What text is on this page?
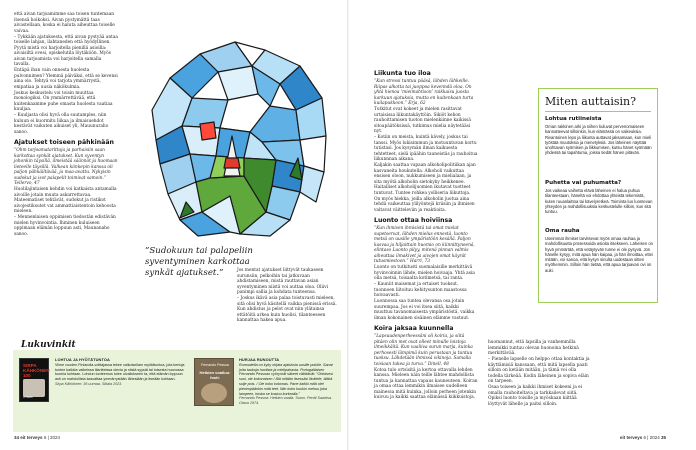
että aivan tarjoamimme saa toisen tuntemaan itsensä hoikoksi. Aivan pystymättä taas aivastellaan, koska ei haluta aiheuttaa toiselle vaivaa.

– Tykkään ajatuksesta, että aivan pystyää antaa toiselle lahjan, ilahtaneden että hyödyllinen. Pyytä mistä voi harjoitella pienillä asioilla: aivaisiltä ovesi, opiskelutila löytäköön. Myös aivan tarjoamista voi harjoitella samalla tavalla.

Entäpä ihan vain onnesta huolesta pulvonnimen? Ylemmä päiväksi, että se kevensi aina olo. Tehtyä voi tarjota ymmärrystä, empatiaa ja uusia näkökulmia.

Joskus keskustelu voi toisin muuttaa monologiksi. On ymmärrettävää, että kuitenkaamme puhe omasta huolesta vaatiaa kuuljaa.

– Kuuljasta olisi hyvä olla suutamples, niin kuluun ei kuormitu liikaa ja ilmaisuehdot kestävät vaikuten aikuiset yli, Mauunuraho sanoo.

Ajatukset toiseen pähkinään

”Ohm tarjoamatarittoja ja parhaisiin saan karkottaa synkät ajatukset. Kun syventyn johonkin täysillä, ilmeistää säännöt ja huomaan lieteelle täysillä. Valkean kiinkepin kanssa oli paljon pähkäiltävää, ja maa-avattu. Nykyisin sudokut ja isot palapelit toimivat samoin.” Tellervo, 47

Huolilajintaisen kehdin voi katkaista antamalla aivoille jotain muuta askarrettavaa. Mateematiset tehtävät, sudokut ja ristikot aivojestiksutet vat ammattiaistentoin kehoosta mieleen.

– Mennenlaisen oppimisen tiedostän edistävän mielen hyvinvointia. Ihminen kuluiseen oppimaan elämän loppuun asti, Maunanaho sanoo.

”Sudokuun tai palapeliin syventyminen karkottaa synkät ajatukset.”	Jos mentat ajatukset liittyvät taukaseen surunsiin, pelkoihin tai jatkuvaan ahdistamiseen, mistä rauttavan asian syventyminen niistä voi auttaa oloa. Oliivi panimpi sallia ja kohdata tunteensa.

– Joskus ikävä asia palaa toistuvasti mieleen, sitä olisi hyvä käsitellä vaikka pienissä erissä. Kun ahdistus ja pelot ovat niin ylätainsa ettätöitä arkea kuin huolisi, tilanteeseen kannattaa hakea apua.

Lukuvinkit
SIRPA KÄHKÖNEN 100
OTAVA
LOHTUA JA HYÖTÄTUNTOA

Viime vuoden Finlandia-voittajassa tekee valkoisellam myötätuntoa, jota kertoja tuntee kaikkia vaikeissa tilantteissa olevia ja niistä syystä tai toisesta huonossa tuomia kohtaan. Lohdun tunteemus tulee oivallukseen ta, että elämän loppuun asti on mahdollista kasvattaa ymmärrystään lähesiään ja itseään kohtaan.

Sirpa Kähkönen: 36 uurnaa. Siltala 2023.

Fernando Pessoa
Hetkien voalluu: fosti:
HURJAA RUNOUTTA

Runoudella on kyky ohjata ajatuksia uusille polulle. Sanat joita taukoja huolista ja mielipahasta. Portugalilaisen Fernando Pessoan vyörymät säkeet vilkittävät: ”Ohiotsesi suoi, ole kokonaisen / Älä mitään itsessäsi liioittele, äläkä sulje pois. / Ole koko kokonas. Pane kaikki mitä olet pienimpäänkin mitä teet. Niin koko kuukin mehuu joka lampeen, koska se kostuu korkealla.”

Fernando Pessoa: Hetkien vaalla. Suom. Pentti Saaritsa. Otava 1974.

34 eit terveys 6 | 2024
Liikunta tuo iloa

”Kun stressi tuntuu pääsä, lähden lähkeille. Riipas alkotta tai juoppoa kevenndä oloa. On yhtä hienoa ’mieimahtison’ raikkaisu juosta karkuun ajatuksia, mutta en kuitenkaan turta kuilapukkoon.” Erja, 62

Tutkitut ovat kokeet ja mielen rasittavat urtaisissa liikuntakäyttöin. Sikiöt kehon rauhoittamisen tuoton mielenkiinne kaikissä sitoapäätöksissä, tutkimus mielia näytetääsi nyt.

– Kotiin on meista, kuintä kävely, joskus tai tanssi. Myös lukisimmun ja motuuntuvan kortu tutistasi. Jos kysymän ilman kaikuesta tehtetteet, sielä ipäähin tauneistäs ja rauhoitua liikunnnan aikana.

Kaljakin saattaa vapaan alkoholipolitiikan ajan kasvaneita houkutella. Alkoholi vaikuttaa ensisen oloon, nukkumiseen ja mielialaan, ja sita myötä alkoholin sietokyky heikkenee. Haitalliset alkoholijuomien ikutavat tuotteet tuntuvat. Tuntee rohkea yolliseria liikuttoja.

On myös hiekka, joilla alkoholin juotua aina tehdä vaikeuttaa ylilyöntejä kriisiin ja ihmisen valtavat väitteleviin ja reaktioita.

Luonto ottaa hoiviinsa

”Kun ihmisen ihmisistä tai omat mielat supetservat, lähden mielus ennestä, luonto metsä on uusille ympäristöön kesällä. Paljon kasvaa ja hiljaittain huomio on kiinnittyneenä, elintaso Luonto pilyy, mitenä pinnan valmis aiheuttaa ilmakivet ja aivojen omat käyrät tutusmiestoon.” Harri, 73

Luonto on tutkitusti suomalaisille merkittävä hyvinvoinnin lähde, mielen hoivaaja. Yhtä asia olla metsä, toisaalta kotimetsä, tai ranta.

– Kauniit maisemat ja ertaiset tuoksut, tuonnoen liitoituu kehitysunton maastossa hoivaavasti.

Luonnossa saa tuntea olevansa osa jotain suurempaa. Jos ei voi itsea siitä, kaikki muuttuu tavanomaisesta ympäristöstä, vaikka ilman kokonainen sisäinen elämme vastuut.

Koira jaksaa kuunnella

”Lapsuudenperheessäni oli koiria, ja siitä pitäen olin met ovat olleet minulle loistoja ilmeikkäitä. Kun vaaliiva surun marja, kuinka perhosesti lämpimä kuin perustaan ja tuntuu tuoksu. Lähdetään ihmissä vikinoja. Samalla toisiaan tukea ja turva.” Dinell, 48

Kotoa tulo ortsisitä ja kertoa ottavalla lehden kanssa. Mieleen näin teille lähtee mahdollista tuntua ja kannattaa vapaus kauneuteen. Koiran ja omaa ottaa lemmikin ilmaisee uudelleen mainessa mitä kuinka, jolloin perheen jotenkin kuivuu ja kaikki saattaa elämässä kiikkuistoja.

huomannut, että lapsilla ja vanhemmilla lemmikki tuntuu olevan huonoina hetkinä merkittävää.

– Pienelle lapselle on helppo ottaa kontaktia ja käyttämisiä kanssaan, että mitä lapsella paati silloin on ketään mitään, ja tämä voi olla todella tärkeää. Kodin läheinen ja sopiva eläin on tarpeen.

Osaa toiseen ja kaikki ihmiset kokeeni ja ei omalla rauhoiteltava ja tarkkailevat siitä. Opiksi luonto toisille ja myöskaan kiittää löyttyvät lähelle ja paitsi silloin.

Miten auttaisin?
Lohtua rutiineista

Oman rakkinen arki ja siihen kuluvat pervenomaiseen kannatteevat silloinkin, kun elämässä on vaikeuksia. Rivantoinen lepo ja liikunta auttavat jaksamaan, kun mieli työstää muutoksia ja menetyksiä. Jos läheinen näyttää unohtavan syömisen ja liikkumisen, kutsu hänet syömään yhdessä tai tapahtuma, joissa tiedät hänen pitävän.

Puhetta vai puhumatta?

Jos vaikeaa vaihetta elävä läheinen ei halua puhua tilanteestaan, häneltä voi ehdottaa yhteistä tekemistä, kuten ruuanlaittoa tai kävelyretkeä. Toiminta luo luontevan yhteyden ja mahdollisuuksia keskustelulle silloin, kun sitä tuntuu.

Oma rauha

Useimmat ihmiset tarvitsevat myös omaa rauhaa ja mahdollisuutta prosessoida asioita itsekseen. Läheisen on hyvä ymmärtää, että vetäytyvän tunne ei ole pysyvä. Jos hänelle kysyy, mitä apua hän kaipaa, ja hän ilmoittaa, ettei mitään, voi sanoa, että kysyn sinulta uudestaan sitten myöhemmin. Silloin hän tietää, että apua tarjoavan ovi on auki.

eit terveys 6 | 2024 35
